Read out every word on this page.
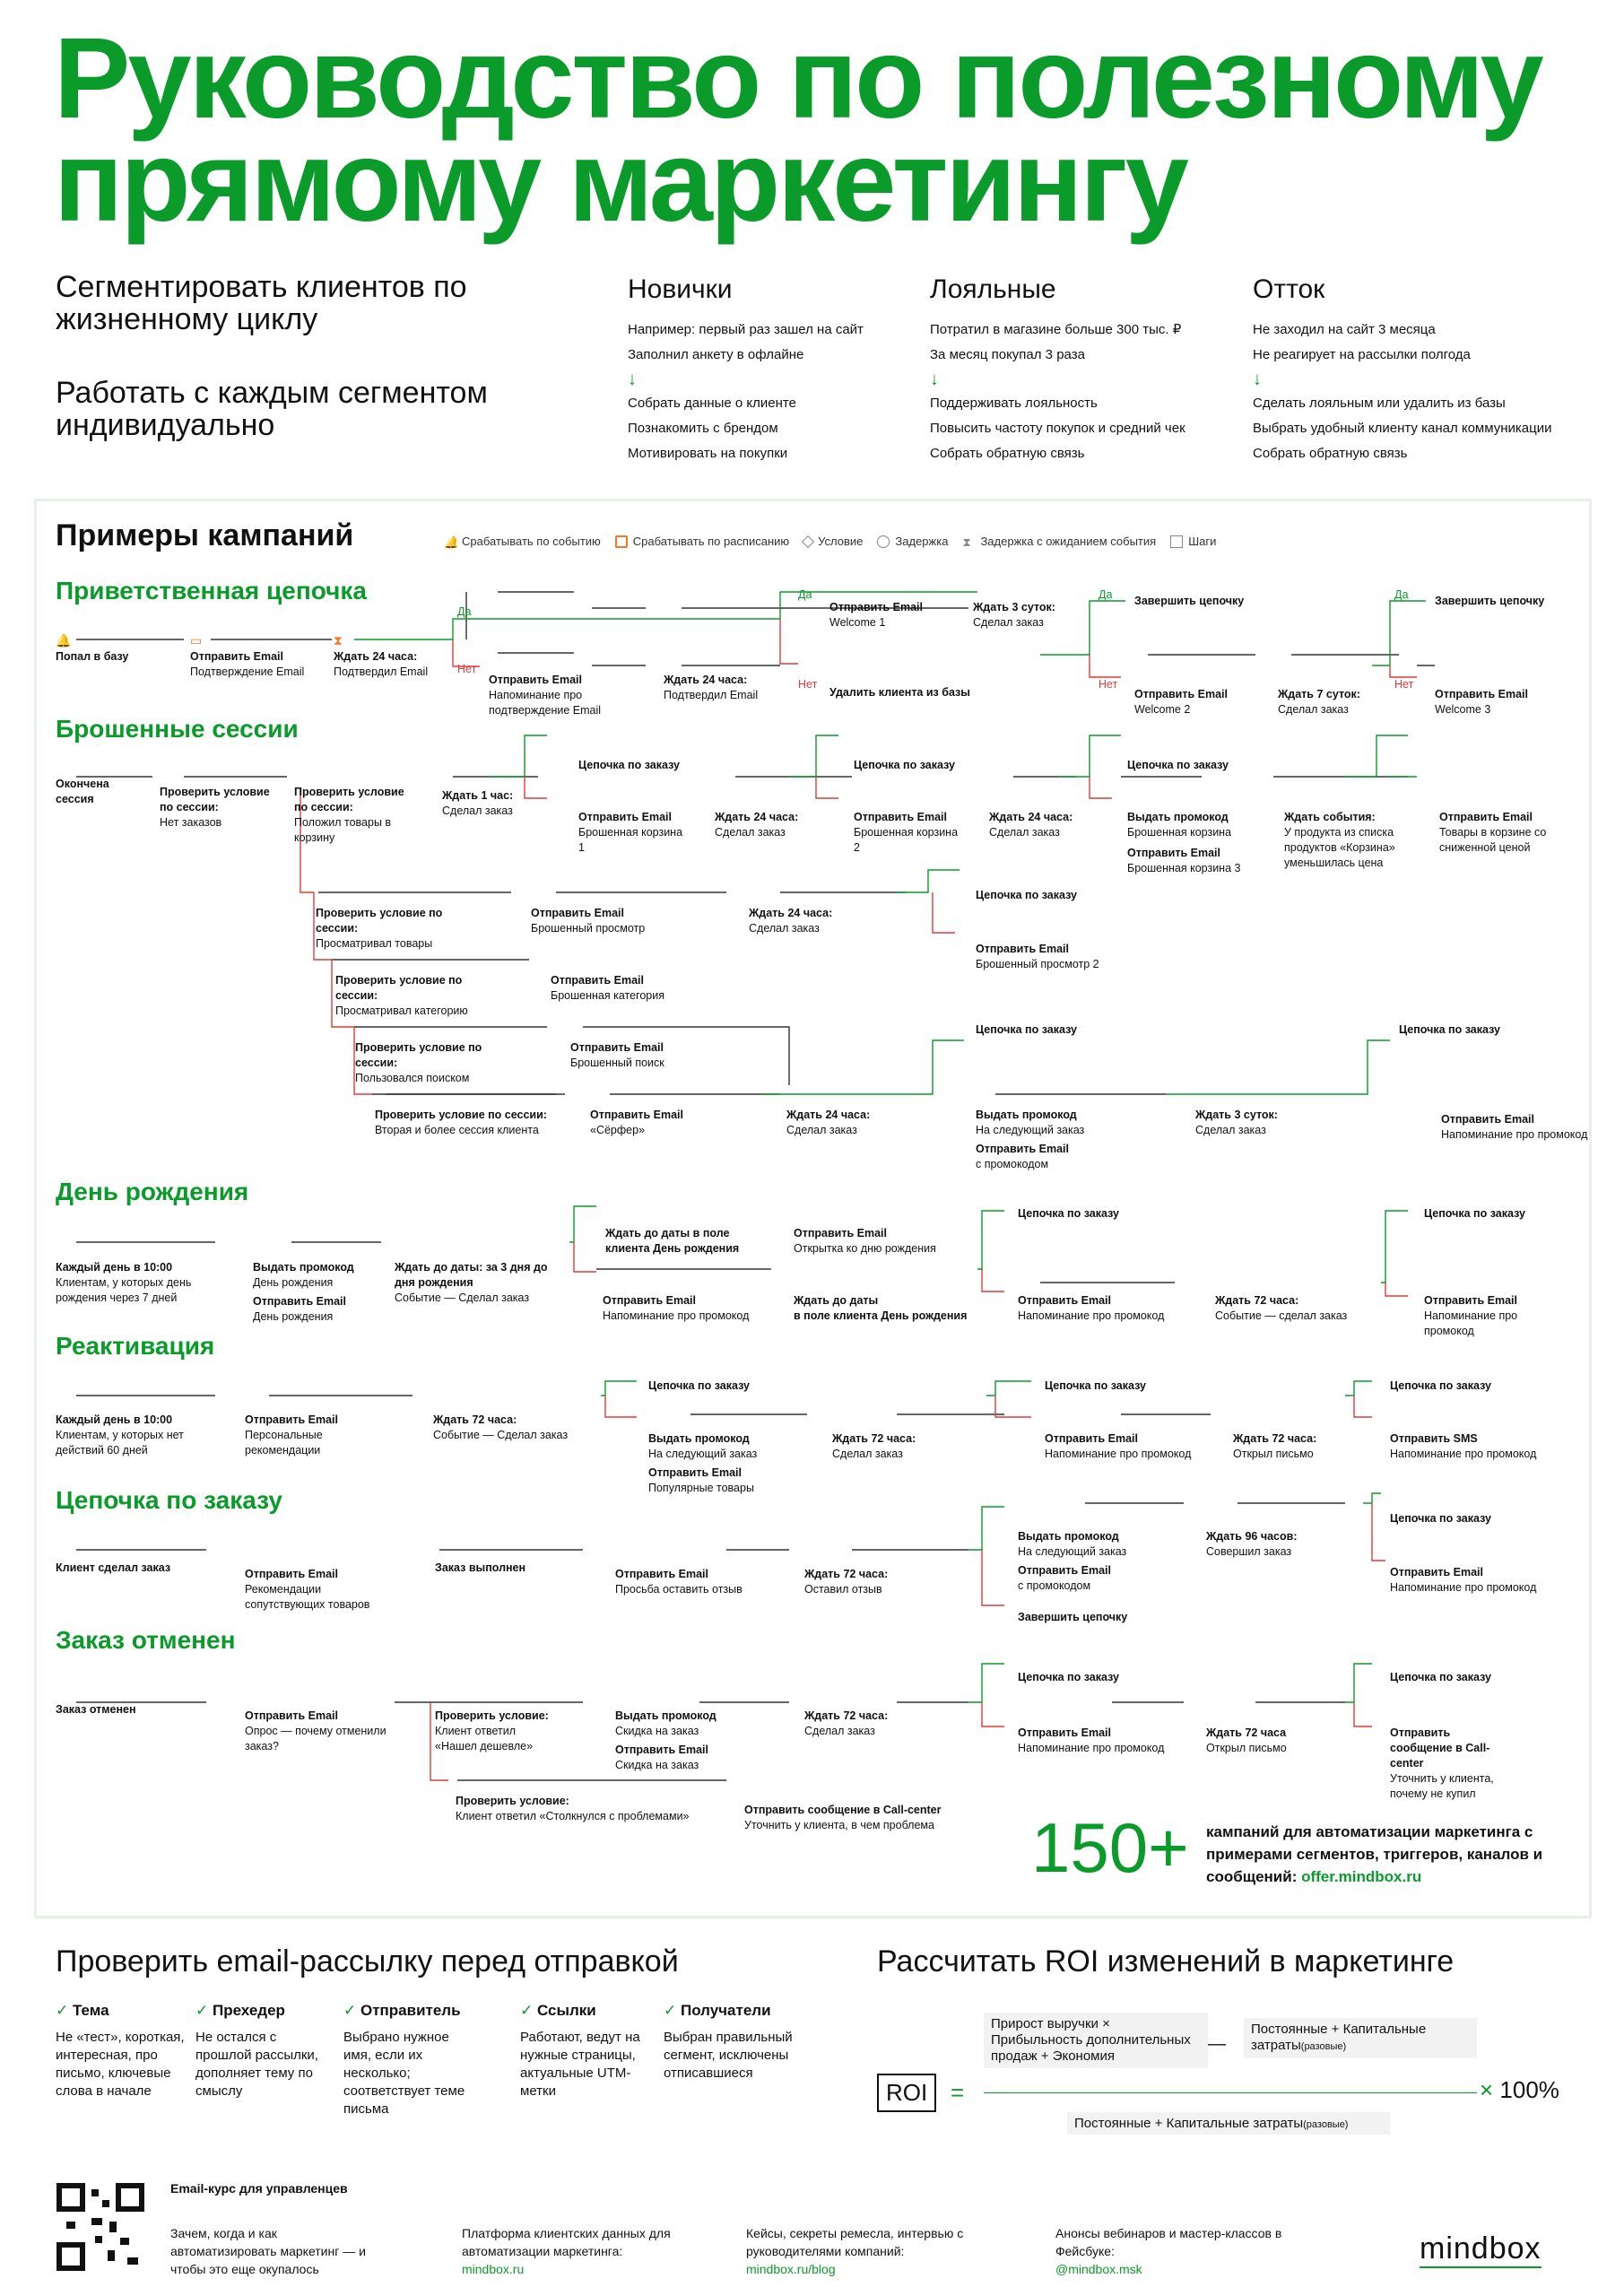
Руководство по полезному прямому маркетингу
Сегментировать клиентов по жизненному циклу
Работать с каждым сегментом индивидуально
Новички

Например: первый раз зашел на сайт

Заполнил анкету в офлайне

↓

Собрать данные о клиенте

Познакомить с брендом

Мотивировать на покупки

Лояльные

Потратил в магазине больше 300 тыс. ₽

За месяц покупал 3 раза

↓

Поддерживать лояльность

Повысить частоту покупок и средний чек

Собрать обратную связь

Отток

Не заходил на сайт 3 месяца

Не реагирует на рассылки полгода

↓

Сделать лояльным или удалить из базы

Выбрать удобный клиенту канал коммуникации

Собрать обратную связь

Примеры кампаний	🔔 Срабатывать по событию	Срабатывать по расписанию Условие	Задержка ⧗ Задержка с ожиданием события	Шаги
Приветственная цепочка
Брошенные сессии
День рождения
Реактивация
Цепочка по заказу
Заказ отменен
🔔
Попал в базу
▭
Отправить Email
Подтверждение Email
⧗
Ждать 24 часа:
Подтвердил Email
Отправить Email
Welcome 1
Ждать 3 суток:
Сделал заказ
Завершить цепочку
Отправить Email
Напоминание про подтверждение Email
Ждать 24 часа:
Подтвердил Email	Удалить клиента из базы	Отправить Email
Welcome 2
Ждать 7 суток:
Сделал заказ
Завершить цепочку
Отправить Email
Welcome 3
Окончена сессия
Проверить условие по сессии:
Нет заказов
Проверить условие по сессии:
Положил товары в корзину
Ждать 1 час:
Сделал заказ
Цепочка по заказу
Отправить Email
Брошенная корзина 1
Ждать 24 часа:
Сделал заказ
Цепочка по заказу
Отправить Email
Брошенная корзина 2
Ждать 24 часа:
Сделал заказ
Цепочка по заказу
Выдать промокод
Брошенная корзина
Отправить Email
Брошенная корзина 3
Ждать события:
У продукта из списка продуктов «Корзина» уменьшилась цена
Отправить Email
Товары в корзине со сниженной ценой
Проверить условие по сессии:
Просматривал товары
Отправить Email
Брошенный просмотр
Ждать 24 часа:
Сделал заказ
Цепочка по заказу
Отправить Email
Брошенный просмотр 2
Проверить условие по сессии:
Просматривал категорию
Отправить Email
Брошенная категория
Проверить условие по сессии:
Пользовался поиском
Отправить Email
Брошенный поиск
Проверить условие по сессии:
Вторая и более сессия клиента
Отправить Email
«Сёрфер»
Ждать 24 часа:
Сделал заказ
Цепочка по заказу
Выдать промокод
На следующий заказ
Отправить Email
с промокодом
Ждать 3 суток:
Сделал заказ
Цепочка по заказу
Отправить Email
Напоминание про промокод
Каждый день в 10:00
Клиентам, у которых день рождения через 7 дней
Выдать промокод
День рождения
Отправить Email
День рождения
Ждать до даты: за 3 дня до дня рождения
Событие — Сделал заказ
Ждать до даты в поле клиента День рождения
Отправить Email
Открытка ко дню рождения
Цепочка по заказу
Отправить Email
Напоминание про промокод
Ждать до даты
в поле клиента День рождения
Отправить Email
Напоминание про промокод
Ждать 72 часа:
Событие — сделал заказ
Цепочка по заказу
Отправить Email
Напоминание про промокод
Каждый день в 10:00
Клиентам, у которых нет действий 60 дней
Отправить Email
Персональные рекомендации
Ждать 72 часа:
Событие — Сделал заказ
Цепочка по заказу
Выдать промокод
На следующий заказ
Отправить Email
Популярные товары
Ждать 72 часа:
Сделал заказ
Цепочка по заказу
Отправить Email
Напоминание про промокод
Ждать 72 часа:
Открыл письмо
Цепочка по заказу
Отправить SMS
Напоминание про промокод
Клиент сделал заказ	Отправить Email
Рекомендации сопутствующих товаров
Заказ выполнен	Отправить Email
Просьба оставить отзыв
Ждать 72 часа:
Оставил отзыв
Выдать промокод
На следующий заказ
Отправить Email
с промокодом
Завершить цепочку
Ждать 96 часов:
Совершил заказ
Цепочка по заказу
Отправить Email
Напоминание про промокод
Заказ отменен	Отправить Email
Опрос — почему отменили заказ?
Проверить условие:
Клиент ответил «Нашел дешевле»
Выдать промокод
Скидка на заказ
Отправить Email
Скидка на заказ
Ждать 72 часа:
Сделал заказ
Цепочка по заказу
Отправить Email
Напоминание про промокод
Ждать 72 часа
Открыл письмо
Цепочка по заказу
Отправить сообщение в Call-center
Уточнить у клиента, почему не купил
Проверить условие:
Клиент ответил «Столкнулся с проблемами»	Отправить сообщение в Call-center
Уточнить у клиента, в чем проблема
Да
Нет
Да
Нет
Да
Нет
Да
Нет
150+ кампаний для автоматизации маркетинга с примерами сегментов, триггеров, каналов и сообщений: offer.mindbox.ru
Проверить email-рассылку перед отправкой
✓ Тема
Не «тест», короткая, интересная, про письмо, ключевые слова в начале
✓ Прехедер
Не остался с прошлой рассылки, дополняет тему по смыслу
✓ Отправитель
Выбрано нужное имя, если их несколько; соответствует теме письма
✓ Ссылки
Работают, ведут на нужные страницы, актуальные UTM-метки
✓ Получатели
Выбран правильный сегмент, исключены отписавшиеся
Рассчитать ROI изменений в маркетинге
Прирост выручки × Прибыльность дополнительных продаж + Экономия
—
Постоянные + Капитальные затраты(разовые)
ROI =	× 100%
Постоянные + Капитальные затраты(разовые)
Email-курс для управленцев
Зачем, когда и как автоматизировать маркетинг — и чтобы это еще окупалось
Платформа клиентских данных для автоматизации маркетинга:
mindbox.ru
Кейсы, секреты ремесла, интервью с руководителями компаний:
mindbox.ru/blog
Анонсы вебинаров и мастер-классов в Фейсбуке:
@mindbox.msk
mindbox
